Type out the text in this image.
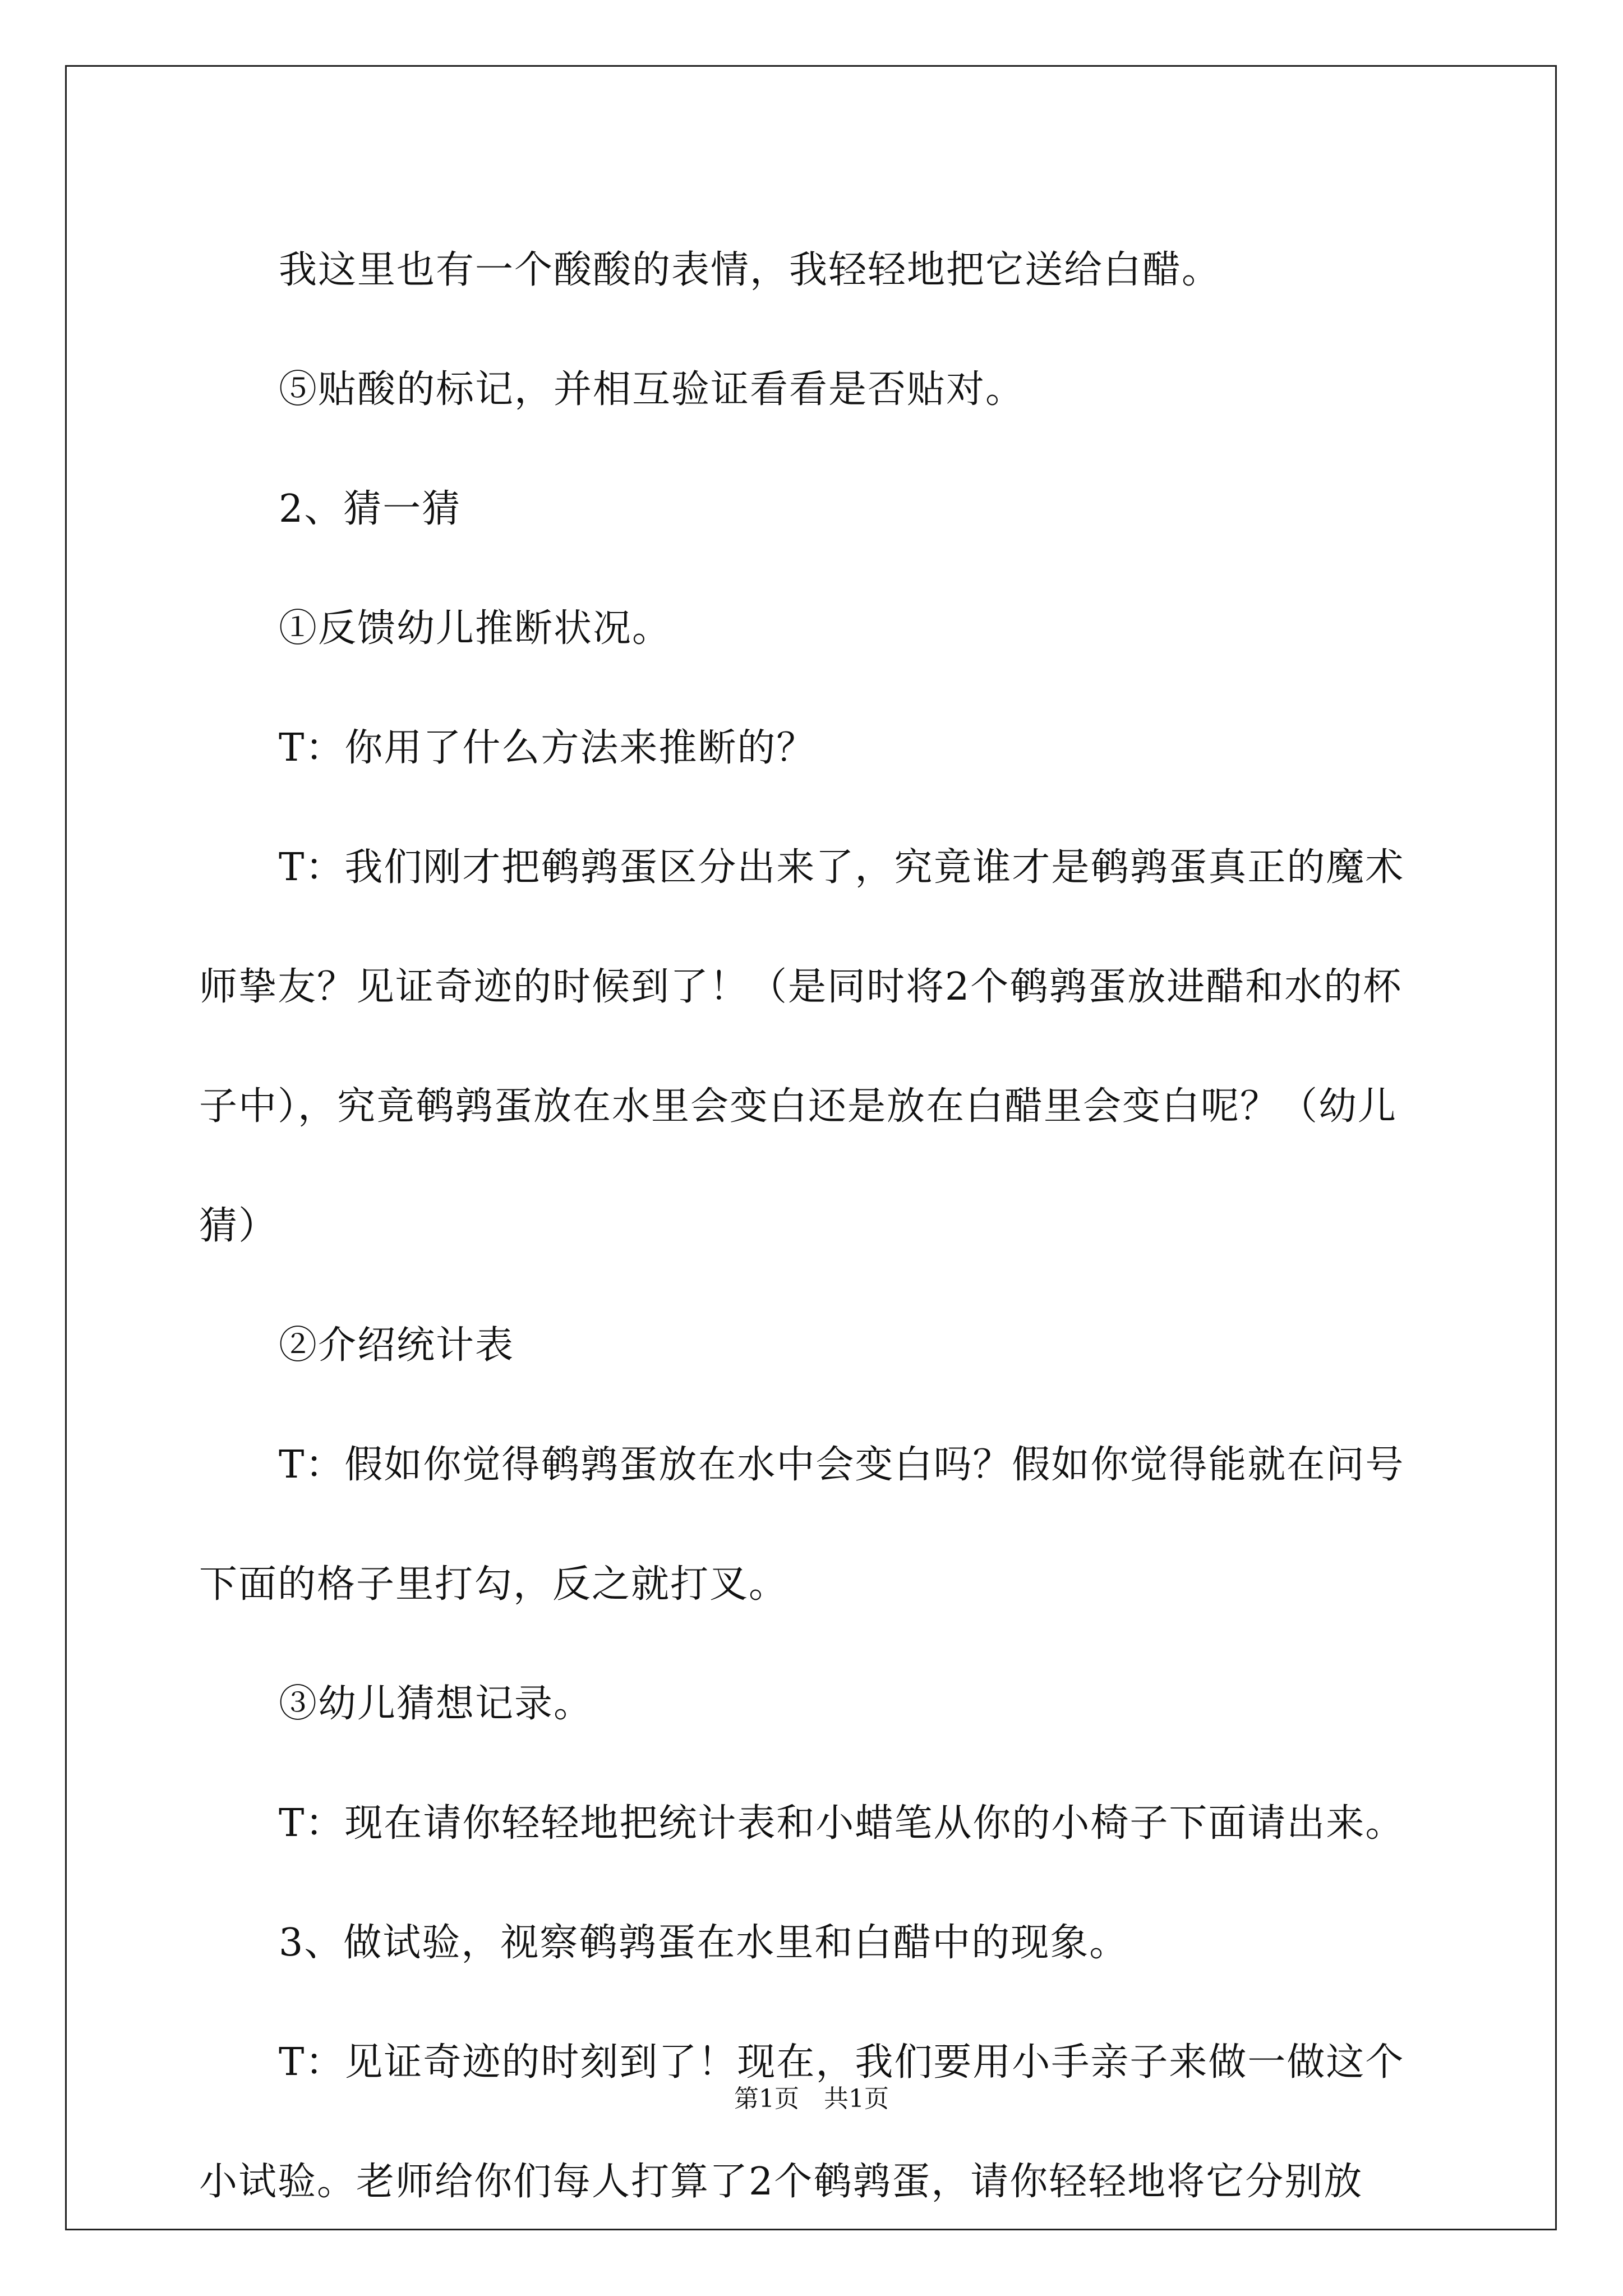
我这里也有一个酸酸的表情，我轻轻地把它送给白醋。

⑤贴酸的标记，并相互验证看看是否贴对。

2、猜一猜

①反馈幼儿推断状况。

T：你用了什么方法来推断的？

T：我们刚才把鹌鹑蛋区分出来了，究竟谁才是鹌鹑蛋真正的魔术师挚友？见证奇迹的时候到了！（是同时将2个鹌鹑蛋放进醋和水的杯子中），究竟鹌鹑蛋放在水里会变白还是放在白醋里会变白呢？（幼儿猜）

②介绍统计表

T：假如你觉得鹌鹑蛋放在水中会变白吗？假如你觉得能就在问号下面的格子里打勾，反之就打叉。

③幼儿猜想记录。

T：现在请你轻轻地把统计表和小蜡笔从你的小椅子下面请出来。

3、做试验，视察鹌鹑蛋在水里和白醋中的现象。

T：见证奇迹的时刻到了！现在，我们要用小手亲子来做一做这个小试验。老师给你们每人打算了2个鹌鹑蛋，请你轻轻地将它分别放

第1页　共1页
